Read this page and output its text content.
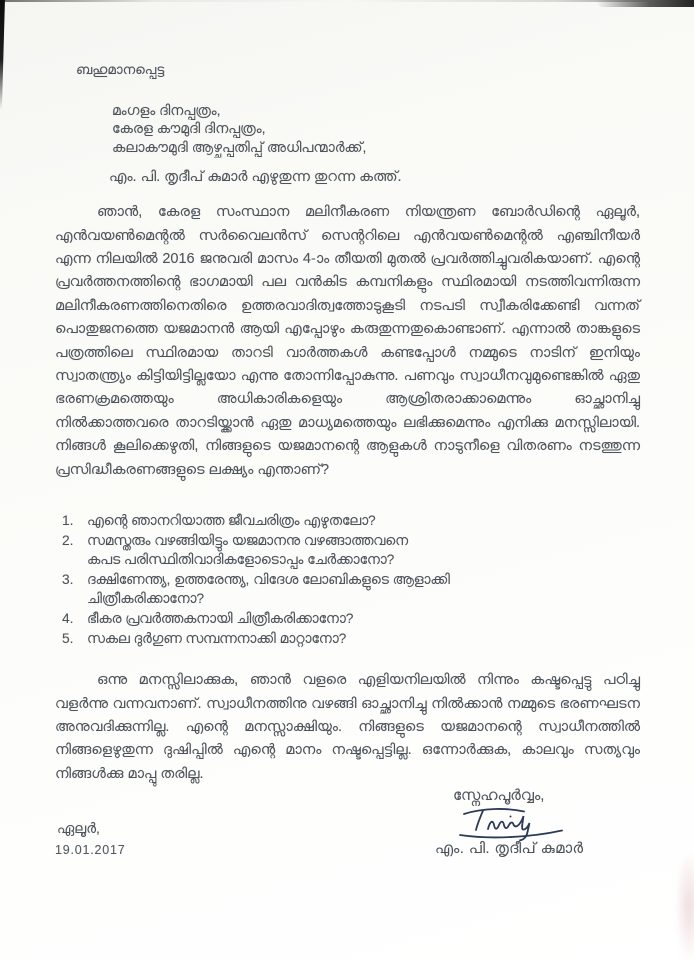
ബഹുമാനപ്പെട്ട
മംഗളം ദിനപ്പത്രം,
കേരള കൗമുദി ദിനപ്പത്രം,
കലാകൗമുദി ആഴ്ചപ്പതിപ്പ് അധിപന്മാർക്ക്,
എം. പി. തൃദീപ് കുമാർ എഴുതുന്ന തുറന്ന കത്ത്.

ഞാൻ, കേരള സംസ്ഥാന മലിനീകരണ നിയന്ത്രണ ബോർഡിന്റെ ഏലൂർ, എൻവയൺമെന്റൽ സർവൈലൻസ് സെന്ററിലെ എൻവയൺമെന്റൽ എഞ്ചിനീയർ എന്ന നിലയിൽ 2016 ജനുവരി മാസം 4-ാം തീയതി മുതൽ പ്രവർത്തിച്ചുവരികയാണ്. എന്റെ പ്രവർത്തനത്തിന്റെ ഭാഗമായി പല വൻകിട കമ്പനികളും സ്ഥിരമായി നടത്തിവന്നിരുന്ന മലിനീകരണത്തിനെതിരെ ഉത്തരവാദിത്വത്തോടുകൂടി നടപടി സ്വീകരിക്കേണ്ടി വന്നത് പൊതുജനത്തെ യജമാനൻ ആയി എപ്പോഴും കരുതുന്നതുകൊണ്ടാണ്. എന്നാൽ താങ്കളുടെ പത്രത്തിലെ സ്ഥിരമായ താറടി വാർത്തകൾ കണ്ടപ്പോൾ നമ്മുടെ നാടിന് ഇനിയും സ്വാതന്ത്ര്യം കിട്ടിയിട്ടില്ലയോ എന്നു തോന്നിപ്പോകുന്നു. പണവും സ്വാധീനവുമുണ്ടെങ്കിൽ ഏതു ഭരണക്രമത്തെയും അധികാരികളെയും ആശ്രിതരാക്കാമെന്നും ഓച്ഛാനിച്ചു നിൽക്കാത്തവരെ താറടിയ്ക്കാൻ ഏതു മാധ്യമത്തെയും ലഭിക്കുമെന്നും എനിക്കു മനസ്സിലായി. നിങ്ങൾ കൂലിക്കെഴുതി, നിങ്ങളുടെ യജമാനന്റെ ആളുകൾ നാടുനീളെ വിതരണം നടത്തുന്ന പ്രസിദ്ധീകരണങ്ങളുടെ ലക്ഷ്യം എന്താണ്?

1. എന്റെ ഞാനറിയാത്ത ജീവചരിത്രം എഴുതലോ?
2. സമസ്തരും വഴങ്ങിയിട്ടും യജമാനനു വഴങ്ങാത്തവനെ കപട പരിസ്ഥിതിവാദികളോടൊപ്പം ചേർക്കാനോ?
3. ദക്ഷിണേന്ത്യ, ഉത്തരേന്ത്യ, വിദേശ ലോബികളുടെ ആളാക്കി ചിത്രീകരിക്കാനോ?
4. ഭീകര പ്രവർത്തകനായി ചിത്രീകരിക്കാനോ?
5. സകല ദുർഗുണ സമ്പന്നനാക്കി മാറ്റാനോ?

ഒന്നു മനസ്സിലാക്കുക, ഞാൻ വളരെ എളിയനിലയിൽ നിന്നും കഷ്ടപ്പെട്ടു പഠിച്ചു വളർന്നു വന്നവനാണ്. സ്വാധീനത്തിനു വഴങ്ങി ഓച്ഛാനിച്ചു നിൽക്കാൻ നമ്മുടെ ഭരണഘടന അനുവദിക്കുന്നില്ല. എന്റെ മനസ്സാക്ഷിയും. നിങ്ങളുടെ യജമാനന്റെ സ്വാധീനത്തിൽ നിങ്ങളെഴുതുന്ന ദുഷിപ്പിൽ എന്റെ മാനം നഷ്ടപ്പെട്ടില്ല. ഒന്നോർക്കുക, കാലവും സത്യവും നിങ്ങൾക്കു മാപ്പു തരില്ല.

സ്നേഹപൂർവ്വം,
എം. പി. തൃദീപ് കുമാർ
ഏലൂർ,
19.01.2017
